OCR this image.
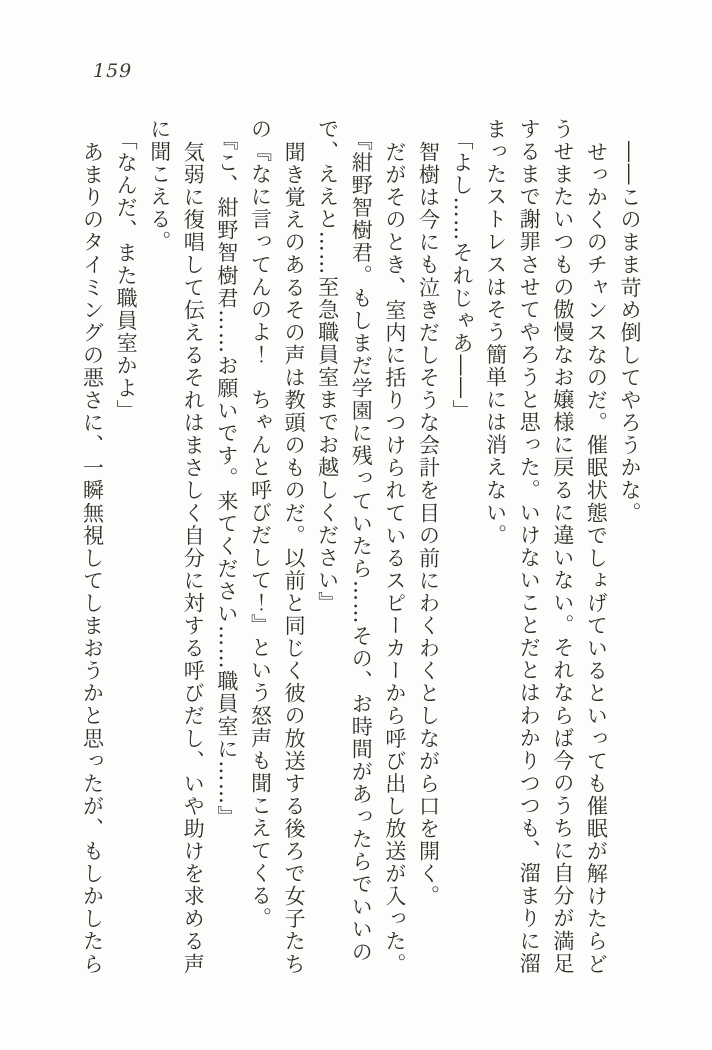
159

――このまま苛め倒してやろうかな。

せっかくのチャンスなのだ。催眠状態でしょげているといっても催眠が解けたらどうせまたいつもの傲慢なお嬢様に戻るに違いない。それならば今のうちに自分が満足するまで謝罪させてやろうと思った。いけないことだとはわかりつつも、溜まりに溜まったストレスはそう簡単には消えない。

「よし……それじゃあ――」

智樹は今にも泣きだしそうな会計を目の前にわくわくとしながら口を開く。

だがそのとき、室内に括りつけられているスピーカーから呼び出し放送が入った。

『紺野智樹君。もしまだ学園に残っていたら……その、お時間があったらでいいので、ええと……至急職員室までお越しください』

聞き覚えのあるその声は教頭のものだ。以前と同じく彼の放送する後ろで女子たちの『なに言ってんのよ！　ちゃんと呼びだして！』という怒声も聞こえてくる。

『こ、紺野智樹君……お願いです。来てください……職員室に……』

気弱に復唱して伝えるそれはまさしく自分に対する呼びだし、いや助けを求める声に聞こえる。

「なんだ、また職員室かよ」

あまりのタイミングの悪さに、一瞬無視してしまおうかと思ったが、もしかしたら
